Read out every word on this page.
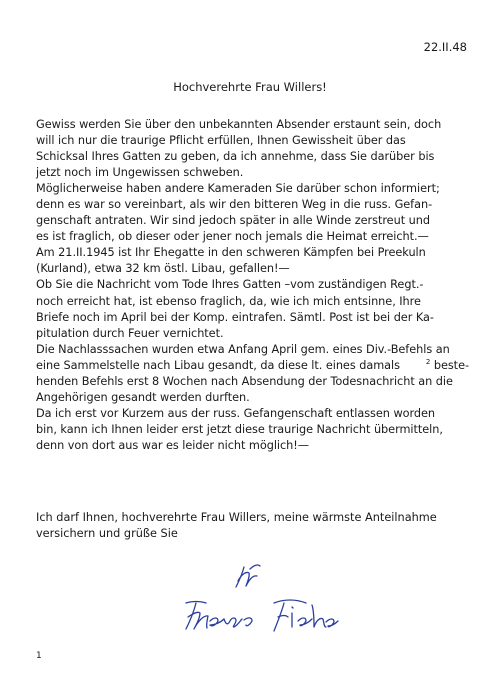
22.II.48
Hochverehrte Frau Willers!
Gewiss werden Sie über den unbekannten Absender erstaunt sein, doch
will ich nur die traurige Pflicht erfüllen, Ihnen Gewissheit über das
Schicksal Ihres Gatten zu geben, da ich annehme, dass Sie darüber bis
jetzt noch im Ungewissen schweben.
Möglicherweise haben andere Kameraden Sie darüber schon informiert;
denn es war so vereinbart, als wir den bitteren Weg in die russ. Gefan-
genschaft antraten. Wir sind jedoch später in alle Winde zerstreut und
es ist fraglich, ob dieser oder jener noch jemals die Heimat erreicht.—
Am 21.II.1945 ist Ihr Ehegatte in den schweren Kämpfen bei Preekuln
(Kurland), etwa 32 km östl. Libau, gefallen!—
Ob Sie die Nachricht vom Tode Ihres Gatten –vom zuständigen Regt.-
noch erreicht hat, ist ebenso fraglich, da, wie ich mich entsinne, Ihre
Briefe noch im April bei der Komp. eintrafen. Sämtl. Post ist bei der Ka-
pitulation durch Feuer vernichtet.
Die Nachlasssachen wurden etwa Anfang April gem. eines Div.-Befehls an
eine Sammelstelle nach Libau gesandt, da diese lt. eines damals	$^2$ beste-
henden Befehls erst 8 Wochen nach Absendung der Todesnachricht an die
Angehörigen gesandt werden durften.
Da ich erst vor Kurzem aus der russ. Gefangenschaft entlassen worden
bin, kann ich Ihnen leider erst jetzt diese traurige Nachricht übermitteln,
denn von dort aus war es leider nicht möglich!—
Ich darf Ihnen, hochverehrte Frau Willers, meine wärmste Anteilnahme
versichern und grüße Sie
1
